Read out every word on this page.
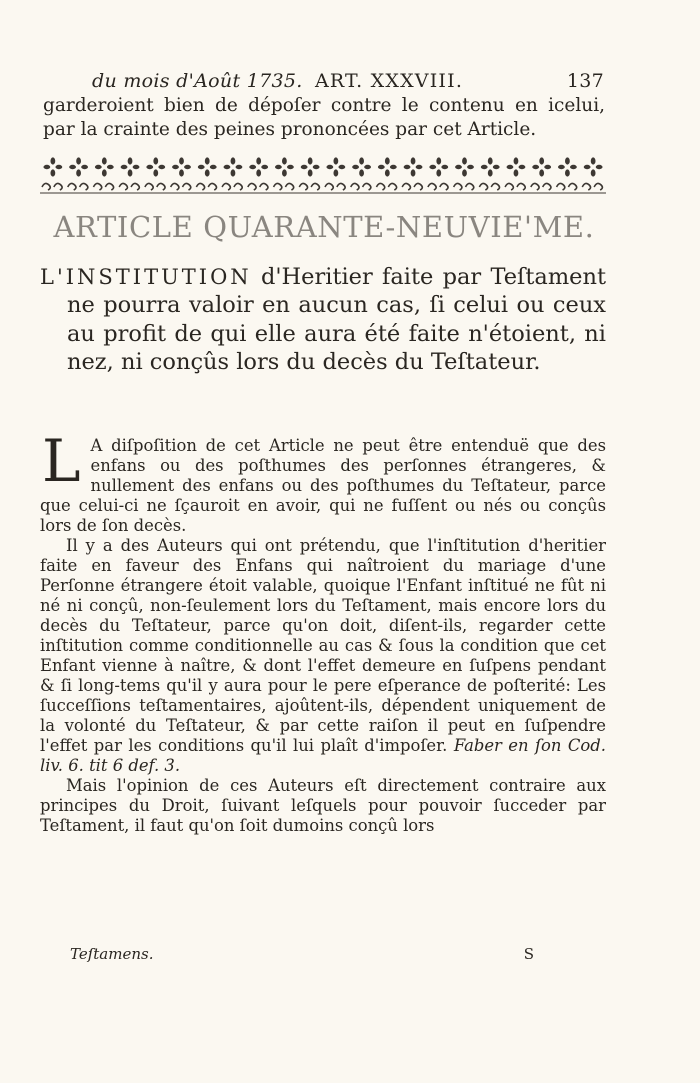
du mois d'Août 1735. ART. XXXVIII.	137

garderoient bien de dépoſer contre le contenu en icelui, par la crainte des peines prononcées par cet Article.

ARTICLE QUARANTE-NEUVIE'ME.

L'INSTITUTION d'Heritier faite par Teſtament ne pourra valoir en aucun cas, ſi celui ou ceux au profit de qui elle aura été faite n'étoient, ni nez, ni conçûs lors du decès du Teſtateur.

L A diſpoſition de cet Article ne peut être entenduë que des enfans ou des poſthumes des perſonnes étrangeres, & nullement des enfans ou des poſthumes du Teſtateur, parce que celui-ci ne ſçauroit en avoir, qui ne fuſſent ou nés ou conçûs lors de ſon decès.

Il y a des Auteurs qui ont prétendu, que l'inſtitution d'heritier faite en faveur des Enfans qui naîtroient du mariage d'une Perſonne étrangere étoit valable, quoique l'Enfant inſtitué ne fût ni né ni conçû, non-ſeulement lors du Teſtament, mais encore lors du decès du Teſtateur, parce qu'on doit, diſent-ils, regarder cette inſtitution comme conditionnelle au cas & ſous la condition que cet Enfant vienne à naître, & dont l'effet demeure en ſuſpens pendant & ſi long-tems qu'il y aura pour le pere eſperance de poſterité: Les ſucceſſions teſtamentaires, ajoûtent-ils, dépendent uniquement de la volonté du Teſtateur, & par cette raiſon il peut en ſuſpendre l'effet par les conditions qu'il lui plaît d'impoſer. Faber en ſon Cod. liv. 6. tit 6 def. 3.

Mais l'opinion de ces Auteurs eſt directement contraire aux principes du Droit, ſuivant leſquels pour pouvoir ſucceder par Teſtament, il faut qu'on ſoit dumoins conçû lors

Teſtamens.	S
